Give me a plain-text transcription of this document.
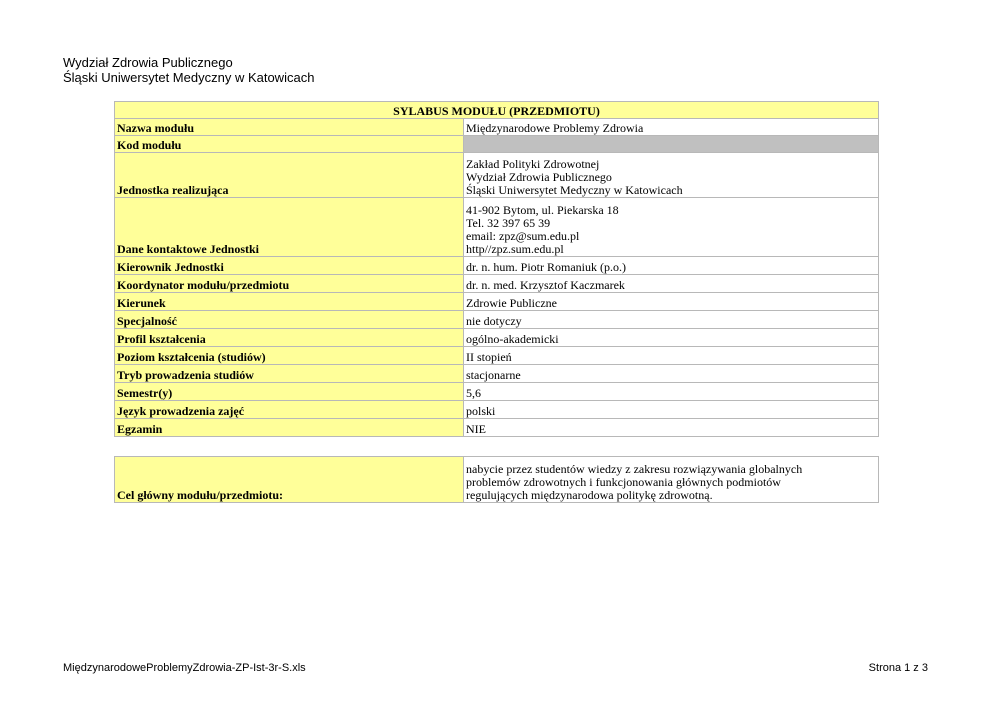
Wydział Zdrowia Publicznego
Śląski Uniwersytet Medyczny w Katowicach
SYLABUS MODUŁU (PRZEDMIOTU)	
Nazwa modułu	Międzynarodowe Problemy Zdrowia
Kod modułu	
Jednostka realizująca	Zakład Polityki Zdrowotnej
Wydział Zdrowia Publicznego
Śląski Uniwersytet Medyczny w Katowicach
Dane kontaktowe Jednostki	41-902 Bytom, ul. Piekarska 18
Tel. 32 397 65 39
email: zpz@sum.edu.pl
http//zpz.sum.edu.pl
Kierownik Jednostki	dr. n. hum. Piotr Romaniuk (p.o.)
Koordynator modułu/przedmiotu	dr. n. med. Krzysztof Kaczmarek
Kierunek	Zdrowie Publiczne
Specjalność	nie dotyczy
Profil kształcenia	ogólno-akademicki
Poziom kształcenia (studiów)	II stopień
Tryb prowadzenia studiów	stacjonarne
Semestr(y)	5,6
Język prowadzenia zajęć	polski
Egzamin	NIE
Cel główny modułu/przedmiotu:	nabycie przez studentów wiedzy z zakresu rozwiązywania globalnych
problemów zdrowotnych i funkcjonowania głównych podmiotów
regulujących międzynarodowa politykę zdrowotną.
MiędzynarodoweProblemyZdrowia-ZP-Ist-3r-S.xls	Strona 1 z 3
